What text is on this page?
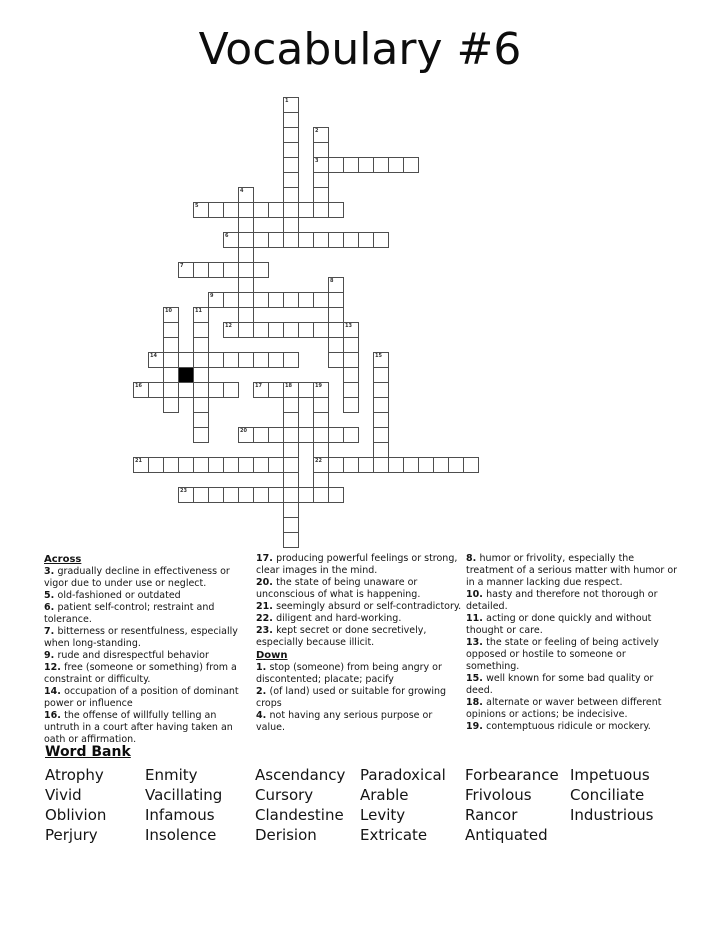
Vocabulary #6
1
2
3
4
5
6
7
8
9
10	11
12	13
14	15
16	17	18	19
22
20
21
23
Across

3. gradually decline in effectiveness or vigor due to under use or neglect.

5. old-fashioned or outdated

6. patient self-control; restraint and tolerance.

7. bitterness or resentfulness, especially when long-standing.

9. rude and disrespectful behavior

12. free (someone or something) from a constraint or difficulty.

14. occupation of a position of dominant power or influence

16. the offense of willfully telling an untruth in a court after having taken an oath or affirmation.

17. producing powerful feelings or strong, clear images in the mind.

20. the state of being unaware or unconscious of what is happening.

21. seemingly absurd or self-contradictory.

22. diligent and hard-working.

23. kept secret or done secretively, especially because illicit.

Down

1. stop (someone) from being angry or discontented; placate; pacify

2. (of land) used or suitable for growing crops

4. not having any serious purpose or value.

8. humor or frivolity, especially the treatment of a serious matter with humor or in a manner lacking due respect.

10. hasty and therefore not thorough or detailed.

11. acting or done quickly and without thought or care.

13. the state or feeling of being actively opposed or hostile to someone or something.

15. well known for some bad quality or deed.

18. alternate or waver between different opinions or actions; be indecisive.

19. contemptuous ridicule or mockery.

Word Bank
Atrophy
Vivid
Oblivion
Perjury
Enmity
Vacillating
Infamous
Insolence
Ascendancy
Cursory
Clandestine
Derision
Paradoxical
Arable
Levity
Extricate
Forbearance
Frivolous
Rancor
Antiquated
Impetuous
Conciliate
Industrious
